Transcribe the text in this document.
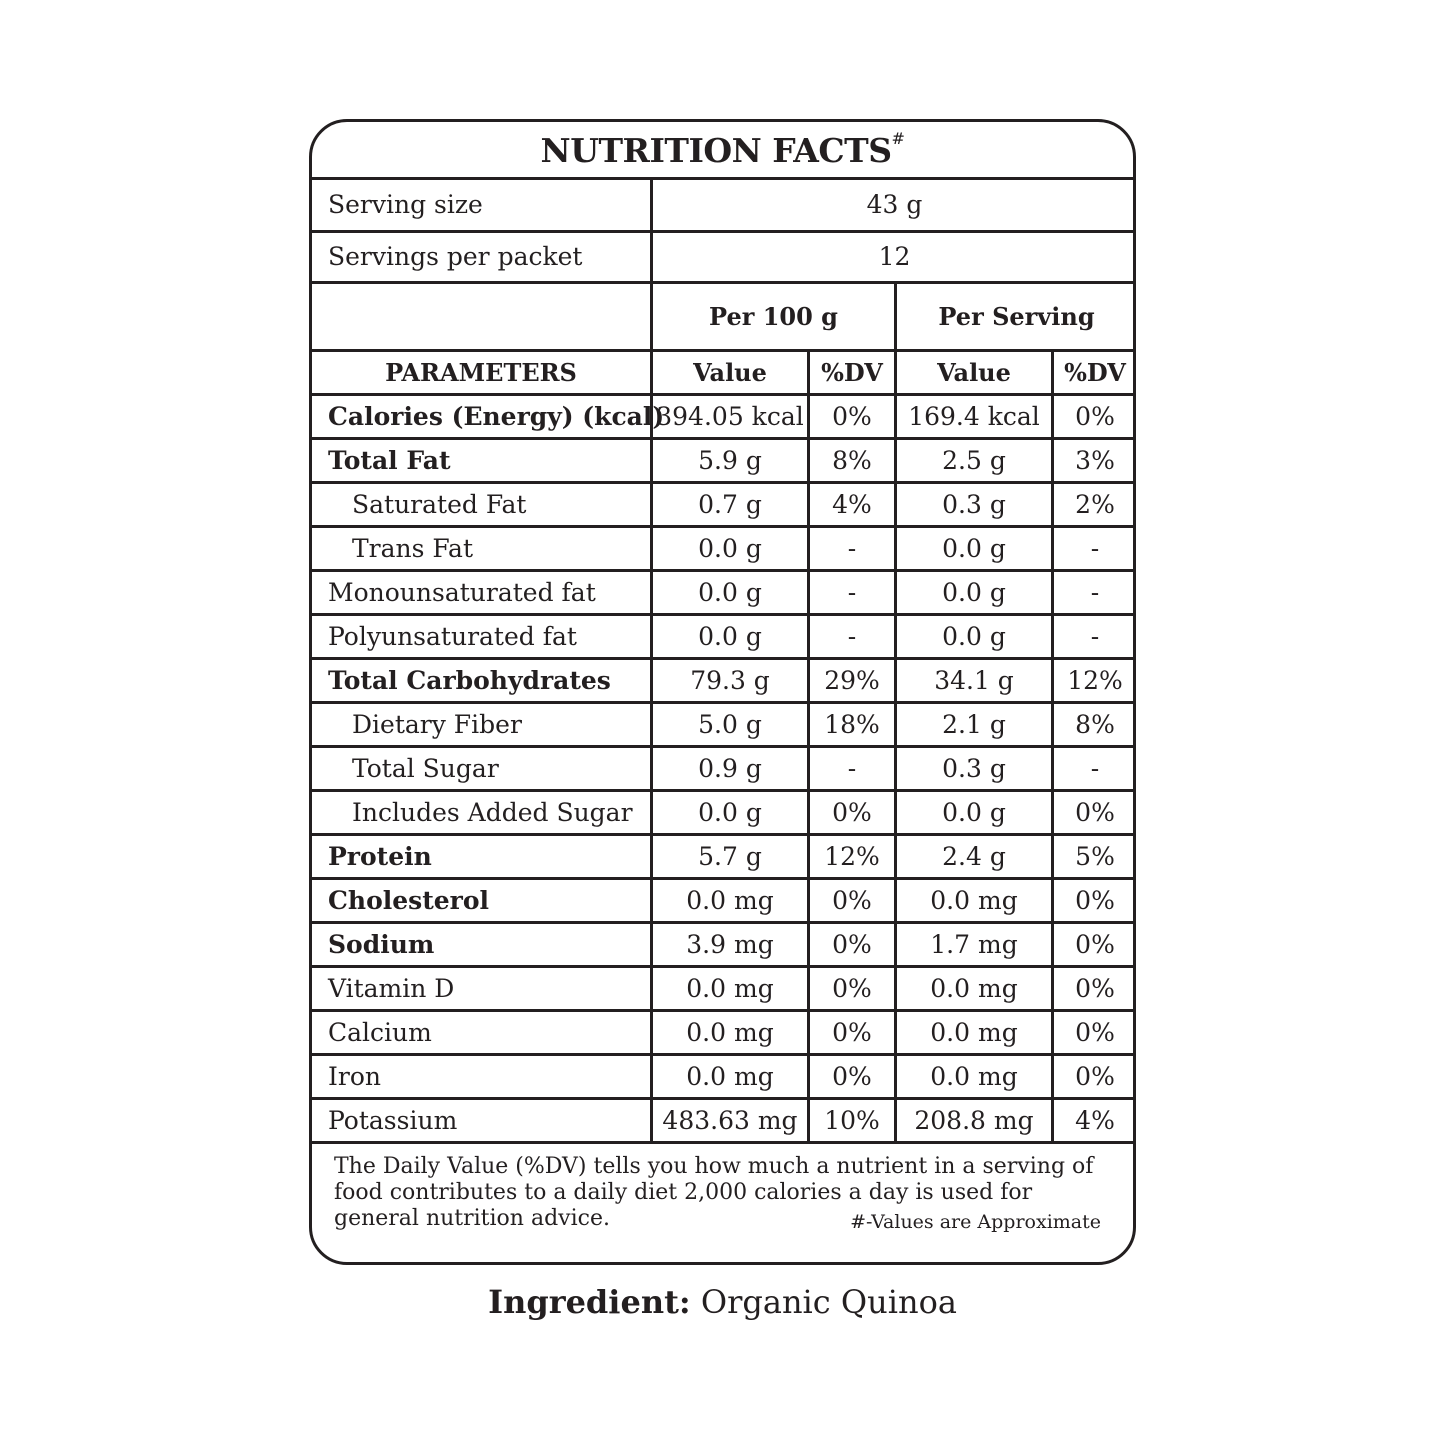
NUTRITION FACTS#
Serving size	43 g			
Servings per packet	12			
	Per 100 g		Per Serving	
PARAMETERS	Value	%DV	Value	%DV
Calories (Energy) (kcal)	394.05 kcal	0%	169.4 kcal	0%
Total Fat	5.9 g	8%	2.5 g	3%
Saturated Fat	0.7 g	4%	0.3 g	2%
Trans Fat	0.0 g	-	0.0 g	-
Monounsaturated fat	0.0 g	-	0.0 g	-
Polyunsaturated fat	0.0 g	-	0.0 g	-
Total Carbohydrates	79.3 g	29%	34.1 g	12%
Dietary Fiber	5.0 g	18%	2.1 g	8%
Total Sugar	0.9 g	-	0.3 g	-
Includes Added Sugar	0.0 g	0%	0.0 g	0%
Protein	5.7 g	12%	2.4 g	5%
Cholesterol	0.0 mg	0%	0.0 mg	0%
Sodium	3.9 mg	0%	1.7 mg	0%
Vitamin D	0.0 mg	0%	0.0 mg	0%
Calcium	0.0 mg	0%	0.0 mg	0%
Iron	0.0 mg	0%	0.0 mg	0%
Potassium	483.63 mg	10%	208.8 mg	4%
The Daily Value (%DV) tells you how much a nutrient in a serving of food contributes to a daily diet 2,000 calories a day is used for general nutrition advice.	#-Values are Approximate
Ingredient: Organic Quinoa
